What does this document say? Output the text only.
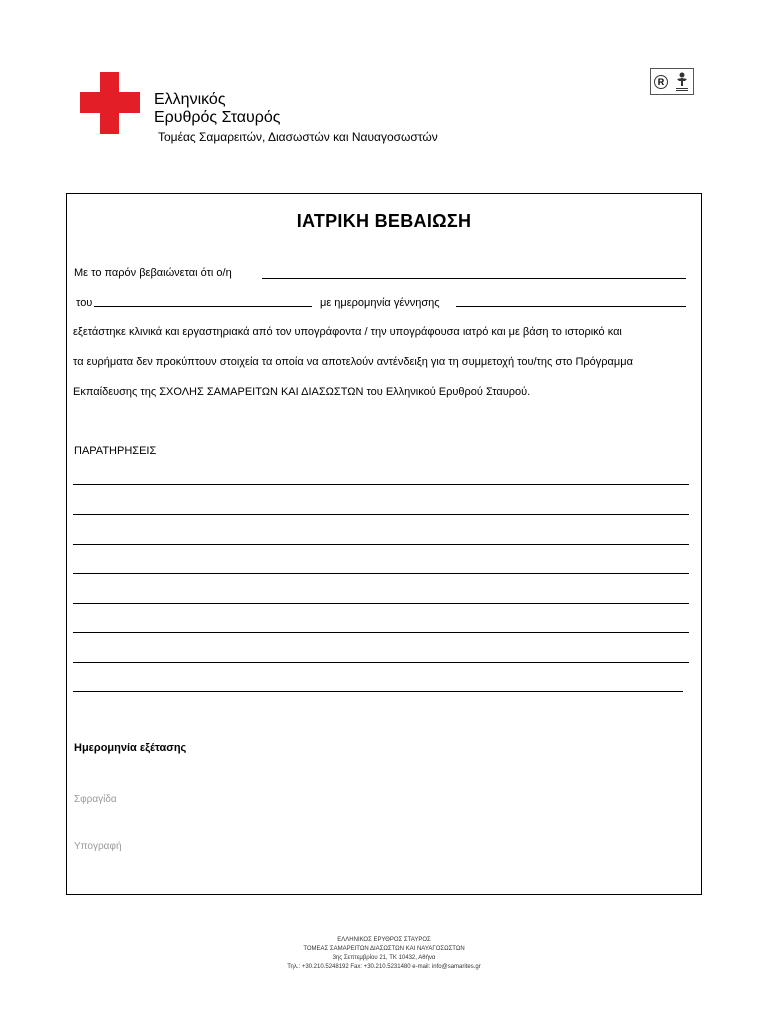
Ελληνικός
Ερυθρός Σταυρός
Τομέας Σαμαρειτών, Διασωστών και Ναυαγοσωστών
R
ΙΑΤΡΙΚΗ ΒΕΒΑΙΩΣΗ
Με το παρόν βεβαιώνεται ότι ο/η
του	με ημερομηνία γέννησης
εξετάστηκε κλινικά και εργαστηριακά από τον υπογράφοντα / την υπογράφουσα ιατρό και με βάση το ιστορικό και
τα ευρήματα δεν προκύπτουν στοιχεία τα οποία να αποτελούν αντένδειξη για τη συμμετοχή του/της στο Πρόγραμμα
Εκπαίδευσης της ΣΧΟΛΗΣ ΣΑΜΑΡΕΙΤΩΝ ΚΑΙ ΔΙΑΣΩΣΤΩΝ του Ελληνικού Ερυθρού Σταυρού.
ΠΑΡΑΤΗΡΗΣΕΙΣ
Ημερομηνία εξέτασης
Σφραγίδα
Υπογραφή
ΕΛΛΗΝΙΚΟΣ ΕΡΥΘΡΟΣ ΣΤΑΥΡΟΣ
ΤΟΜΕΑΣ ΣΑΜΑΡΕΙΤΩΝ ΔΙΑΣΩΣΤΩΝ ΚΑΙ ΝΑΥΑΓΟΣΩΣΤΩΝ
3ης Σεπτεμβρίου 21, ΤΚ 10432, Αθήνα
Τηλ.: +30.210.5248192 Fax: +30.210.5231480 e-mail: info@samarites.gr
